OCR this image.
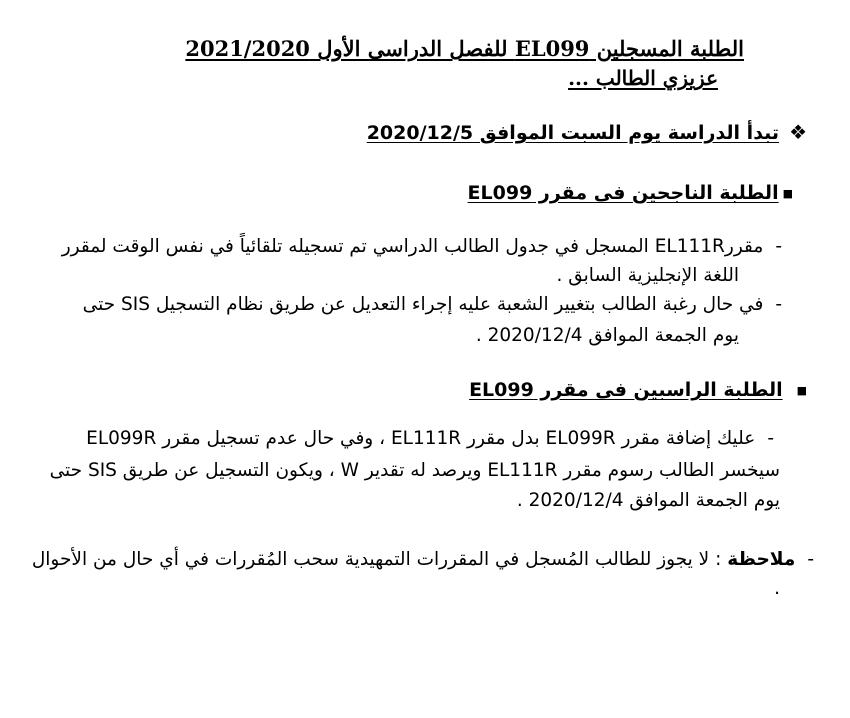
الطلبة المسجلين EL099 للفصل الدراسى الأول 2021/2020
عزيزي الطالب ...
❖تبدأ الدراسة يوم السبت الموافق 2020/12/5
■الطلبة الناجحين فى مقرر EL099
-مقررEL111R المسجل في جدول الطالب الدراسي تم تسجيله تلقائياً في نفس الوقت لمقرر
اللغة الإنجليزية السابق .
-في حال رغبة الطالب بتغيير الشعبة عليه إجراء التعديل عن طريق نظام التسجيل SIS حتى
يوم الجمعة الموافق 2020/12/4 .
■الطلبة الراسبين فى مقرر EL099
-عليك إضافة مقرر EL099R بدل مقرر EL111R ، وفي حال عدم تسجيل مقرر EL099R
سيخسر الطالب رسوم مقرر EL111R ويرصد له تقدير W ، ويكون التسجيل عن طريق SIS حتى
يوم الجمعة الموافق 2020/12/4 .
-ملاحظة : لا يجوز للطالب المُسجل في المقررات التمهيدية سحب المُقررات في أي حال من الأحوال
.
